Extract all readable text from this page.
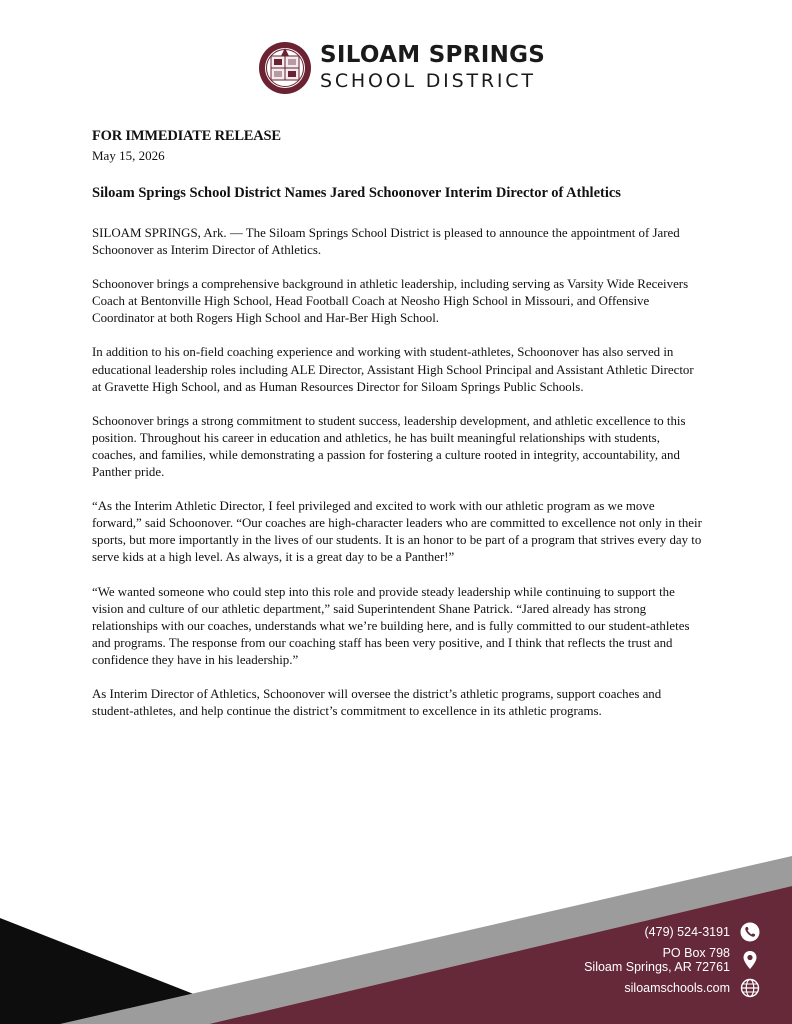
SILOAM SPRINGS
SCHOOL DISTRICT
FOR IMMEDIATE RELEASE
May 15, 2026
Siloam Springs School District Names Jared Schoonover Interim Director of Athletics

SILOAM SPRINGS, Ark. — The Siloam Springs School District is pleased to announce the appointment of Jared Schoonover as Interim Director of Athletics.

Schoonover brings a comprehensive background in athletic leadership, including serving as Varsity Wide Receivers Coach at Bentonville High School, Head Football Coach at Neosho High School in Missouri, and Offensive Coordinator at both Rogers High School and Har-Ber High School.

In addition to his on-field coaching experience and working with student-athletes, Schoonover has also served in educational leadership roles including ALE Director, Assistant High School Principal and Assistant Athletic Director at Gravette High School, and as Human Resources Director for Siloam Springs Public Schools.

Schoonover brings a strong commitment to student success, leadership development, and athletic excellence to this position. Throughout his career in education and athletics, he has built meaningful relationships with students, coaches, and families, while demonstrating a passion for fostering a culture rooted in integrity, accountability, and Panther pride.

“As the Interim Athletic Director, I feel privileged and excited to work with our athletic program as we move forward,” said Schoonover. “Our coaches are high-character leaders who are committed to excellence not only in their sports, but more importantly in the lives of our students. It is an honor to be part of a program that strives every day to serve kids at a high level. As always, it is a great day to be a Panther!”

“We wanted someone who could step into this role and provide steady leadership while continuing to support the vision and culture of our athletic department,” said Superintendent Shane Patrick. “Jared already has strong relationships with our coaches, understands what we’re building here, and is fully committed to our student-athletes and programs. The response from our coaching staff has been very positive, and I think that reflects the trust and confidence they have in his leadership.”

As Interim Director of Athletics, Schoonover will oversee the district’s athletic programs, support coaches and student-athletes, and help continue the district’s commitment to excellence in its athletic programs.

(479) 524-3191
PO Box 798
Siloam Springs, AR 72761
siloamschools.com
